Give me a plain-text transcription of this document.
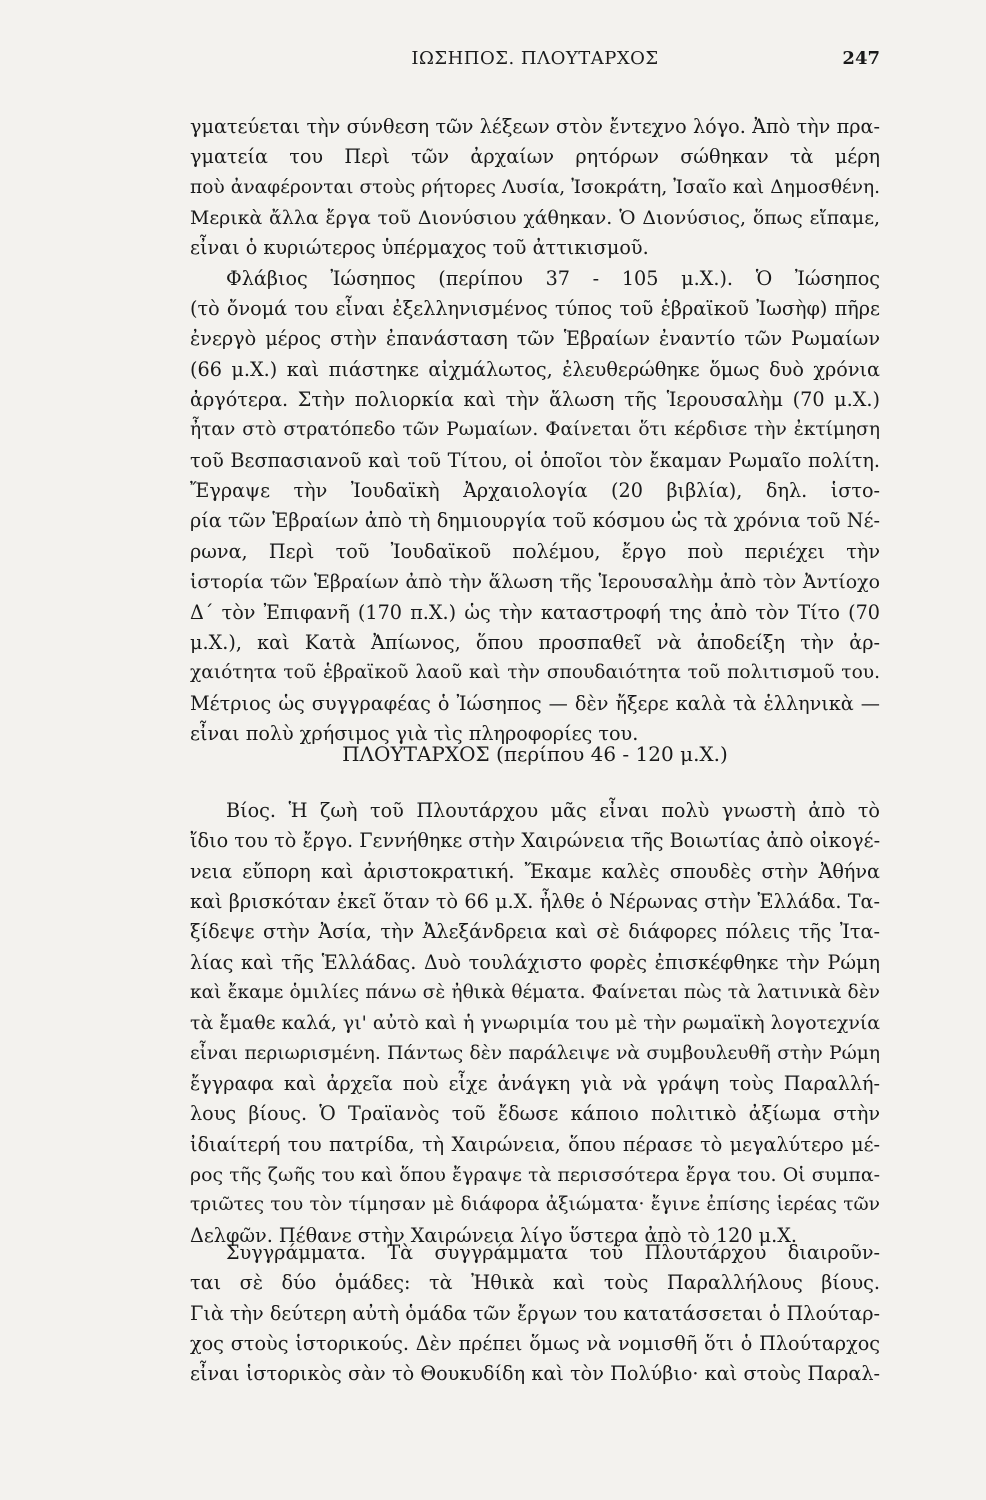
ΙΩΣΗΠΟΣ. ΠΛΟΥΤΑΡΧΟΣ	247
γματεύεται τὴν σύνθεση τῶν λέξεων στὸν ἔντεχνο λόγο. Ἀπὸ τὴν πρα-
γματεία του Περὶ τῶν ἀρχαίων ρητόρων σώθηκαν τὰ μέρη
ποὺ ἀναφέρονται στοὺς ρήτορες Λυσία, Ἰσοκράτη, Ἰσαῖο καὶ Δημοσθένη.
Μερικὰ ἄλλα ἔργα τοῦ Διονύσιου χάθηκαν. Ὁ Διονύσιος, ὅπως εἴπαμε,
εἶναι ὁ κυριώτερος ὑπέρμαχος τοῦ ἀττικισμοῦ.
Φλάβιος Ἰώσηπος (περίπου 37 - 105 μ.Χ.). Ὁ Ἰώσηπος
(τὸ ὄνομά του εἶναι ἐξελληνισμένος τύπος τοῦ ἑβραϊκοῦ Ἰωσὴφ) πῆρε
ἐνεργὸ μέρος στὴν ἐπανάσταση τῶν Ἑβραίων ἐναντίο τῶν Ρωμαίων
(66 μ.Χ.) καὶ πιάστηκε αἰχμάλωτος, ἐλευθερώθηκε ὅμως δυὸ χρόνια
ἀργότερα. Στὴν πολιορκία καὶ τὴν ἅλωση τῆς Ἱερουσαλὴμ (70 μ.Χ.)
ἦταν στὸ στρατόπεδο τῶν Ρωμαίων. Φαίνεται ὅτι κέρδισε τὴν ἐκτίμηση
τοῦ Βεσπασιανοῦ καὶ τοῦ Τίτου, οἱ ὁποῖοι τὸν ἔκαμαν Ρωμαῖο πολίτη.
Ἔγραψε τὴν Ἰουδαϊκὴ Ἀρχαιολογία (20 βιβλία), δηλ. ἱστο-
ρία τῶν Ἑβραίων ἀπὸ τὴ δημιουργία τοῦ κόσμου ὡς τὰ χρόνια τοῦ Νέ-
ρωνα, Περὶ τοῦ Ἰουδαϊκοῦ πολέμου, ἔργο ποὺ περιέχει τὴν
ἱστορία τῶν Ἑβραίων ἀπὸ τὴν ἅλωση τῆς Ἱερουσαλὴμ ἀπὸ τὸν Ἀντίοχο
Δ΄ τὸν Ἐπιφανῆ (170 π.Χ.) ὡς τὴν καταστροφή της ἀπὸ τὸν Τίτο (70
μ.Χ.), καὶ Κατὰ Ἀπίωνος, ὅπου προσπαθεῖ νὰ ἀποδείξη τὴν ἀρ-
χαιότητα τοῦ ἑβραϊκοῦ λαοῦ καὶ τὴν σπουδαιότητα τοῦ πολιτισμοῦ του.
Μέτριος ὡς συγγραφέας ὁ Ἰώσηπος — δὲν ἤξερε καλὰ τὰ ἑλληνικὰ —
εἶναι πολὺ χρήσιμος γιὰ τὶς πληροφορίες του.
ΠΛΟΥΤΑΡΧΟΣ (περίπου 46 - 120 μ.Χ.)
Βίος. Ἡ ζωὴ τοῦ Πλουτάρχου μᾶς εἶναι πολὺ γνωστὴ ἀπὸ τὸ
ἴδιο του τὸ ἔργο. Γεννήθηκε στὴν Χαιρώνεια τῆς Βοιωτίας ἀπὸ οἰκογέ-
νεια εὔπορη καὶ ἀριστοκρατική. Ἔκαμε καλὲς σπουδὲς στὴν Ἀθήνα
καὶ βρισκόταν ἐκεῖ ὅταν τὸ 66 μ.Χ. ἦλθε ὁ Νέρωνας στὴν Ἑλλάδα. Τα-
ξίδεψε στὴν Ἀσία, τὴν Ἀλεξάνδρεια καὶ σὲ διάφορες πόλεις τῆς Ἰτα-
λίας καὶ τῆς Ἑλλάδας. Δυὸ τουλάχιστο φορὲς ἐπισκέφθηκε τὴν Ρώμη
καὶ ἔκαμε ὁμιλίες πάνω σὲ ἠθικὰ θέματα. Φαίνεται πὼς τὰ λατινικὰ δὲν
τὰ ἔμαθε καλά, γι' αὐτὸ καὶ ἡ γνωριμία του μὲ τὴν ρωμαϊκὴ λογοτεχνία
εἶναι περιωρισμένη. Πάντως δὲν παράλειψε νὰ συμβουλευθῆ στὴν Ρώμη
ἔγγραφα καὶ ἀρχεῖα ποὺ εἶχε ἀνάγκη γιὰ νὰ γράψη τοὺς Παραλλή-
λους βίους. Ὁ Τραϊανὸς τοῦ ἔδωσε κάποιο πολιτικὸ ἀξίωμα στὴν
ἰδιαίτερή του πατρίδα, τὴ Χαιρώνεια, ὅπου πέρασε τὸ μεγαλύτερο μέ-
ρος τῆς ζωῆς του καὶ ὅπου ἔγραψε τὰ περισσότερα ἔργα του. Οἱ συμπα-
τριῶτες του τὸν τίμησαν μὲ διάφορα ἀξιώματα· ἔγινε ἐπίσης ἱερέας τῶν
Δελφῶν. Πέθανε στὴν Χαιρώνεια λίγο ὕστερα ἀπὸ τὸ 120 μ.Χ.
Συγγράμματα. Τὰ συγγράμματα τοῦ Πλουτάρχου διαιροῦν-
ται σὲ δύο ὁμάδες: τὰ Ἠθικὰ καὶ τοὺς Παραλλήλους βίους.
Γιὰ τὴν δεύτερη αὐτὴ ὁμάδα τῶν ἔργων του κατατάσσεται ὁ Πλούταρ-
χος στοὺς ἱστορικούς. Δὲν πρέπει ὅμως νὰ νομισθῆ ὅτι ὁ Πλούταρχος
εἶναι ἱστορικὸς σὰν τὸ Θουκυδίδη καὶ τὸν Πολύβιο· καὶ στοὺς Παραλ-
